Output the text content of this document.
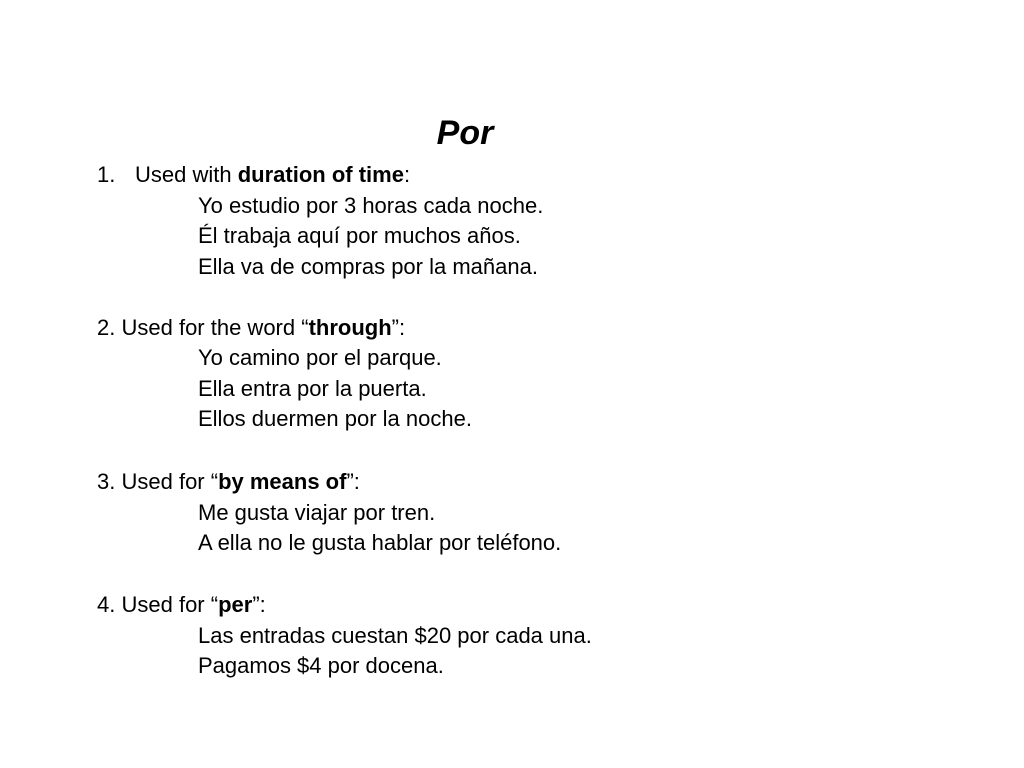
Por
1. Used with duration of time:
Yo estudio por 3 horas cada noche.
Él trabaja aquí por muchos años.
Ella va de compras por la mañana.
2. Used for the word “through”:
Yo camino por el parque.
Ella entra por la puerta.
Ellos duermen por la noche.
3. Used for “by means of”:
Me gusta viajar por tren.
A ella no le gusta hablar por teléfono.
4. Used for “per”:
Las entradas cuestan $20 por cada una.
Pagamos $4 por docena.
